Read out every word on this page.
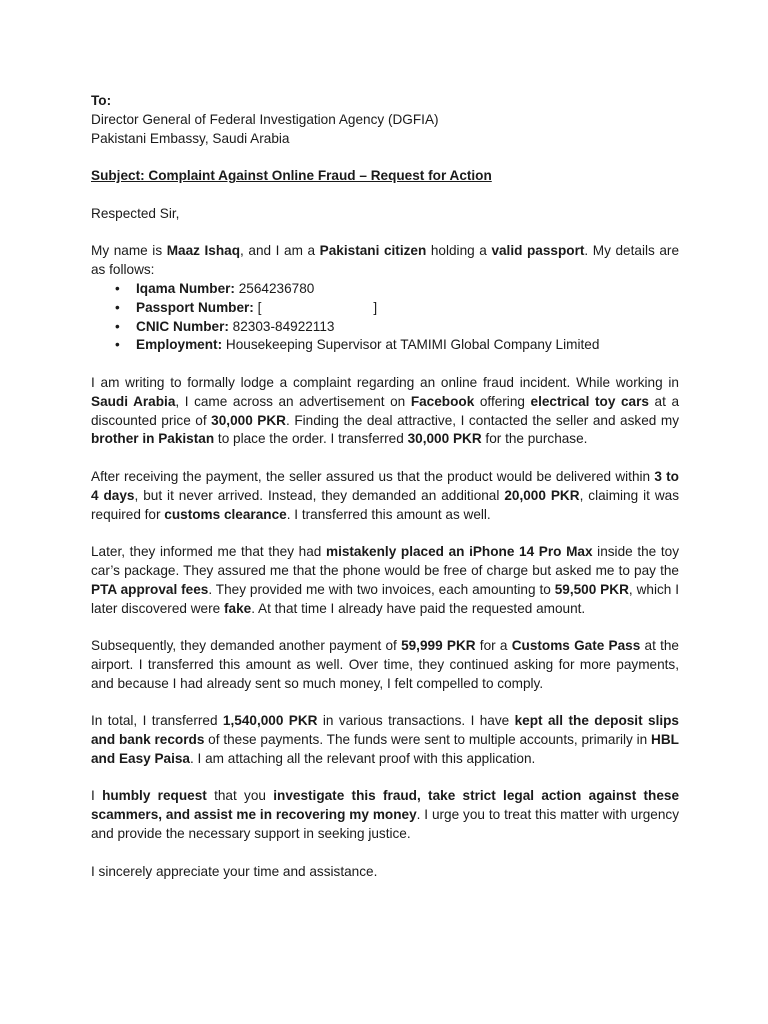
To:

Director General of Federal Investigation Agency (DGFIA)

Pakistani Embassy, Saudi Arabia

Subject: Complaint Against Online Fraud – Request for Action

Respected Sir,

My name is Maaz Ishaq, and I am a Pakistani citizen holding a valid passport. My details are as follows:

• Iqama Number: 2564236780
• Passport Number: [	]
• CNIC Number: 82303-84922113
• Employment: Housekeeping Supervisor at TAMIMI Global Company Limited

I am writing to formally lodge a complaint regarding an online fraud incident. While working in Saudi Arabia, I came across an advertisement on Facebook offering electrical toy cars at a discounted price of 30,000 PKR. Finding the deal attractive, I contacted the seller and asked my brother in Pakistan to place the order. I transferred 30,000 PKR for the purchase.

After receiving the payment, the seller assured us that the product would be delivered within 3 to 4 days, but it never arrived. Instead, they demanded an additional 20,000 PKR, claiming it was required for customs clearance. I transferred this amount as well.

Later, they informed me that they had mistakenly placed an iPhone 14 Pro Max inside the toy car’s package. They assured me that the phone would be free of charge but asked me to pay the PTA approval fees. They provided me with two invoices, each amounting to 59,500 PKR, which I later discovered were fake. At that time I already have paid the requested amount.

Subsequently, they demanded another payment of 59,999 PKR for a Customs Gate Pass at the airport. I transferred this amount as well. Over time, they continued asking for more payments, and because I had already sent so much money, I felt compelled to comply.

In total, I transferred 1,540,000 PKR in various transactions. I have kept all the deposit slips and bank records of these payments. The funds were sent to multiple accounts, primarily in HBL and Easy Paisa. I am attaching all the relevant proof with this application.

I humbly request that you investigate this fraud, take strict legal action against these scammers, and assist me in recovering my money. I urge you to treat this matter with urgency and provide the necessary support in seeking justice.

I sincerely appreciate your time and assistance.
